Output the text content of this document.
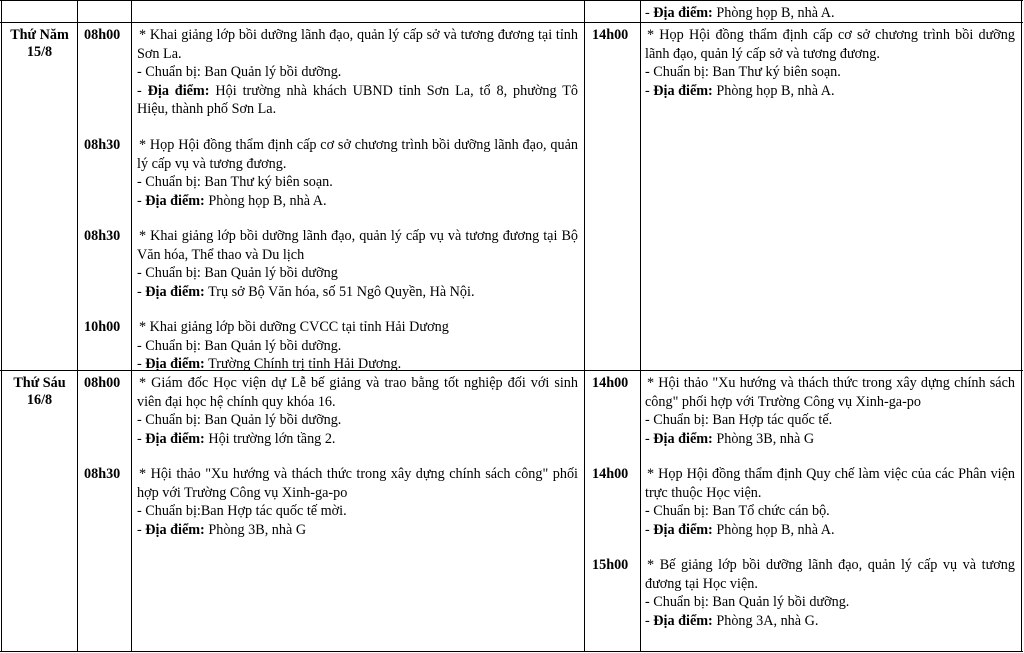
- Địa điểm: Phòng họp B, nhà A.

Thứ Năm
15/8
08h00 * Khai giảng lớp bồi dưỡng lãnh đạo, quản lý cấp sở và tương đương tại tỉnh Sơn La.

- Chuẩn bị: Ban Quản lý bồi dưỡng.

- Địa điểm: Hội trường nhà khách UBND tỉnh Sơn La, tổ 8, phường Tô Hiệu, thành phố Sơn La.

08h30 * Họp Hội đồng thẩm định cấp cơ sở chương trình bồi dưỡng lãnh đạo, quản lý cấp vụ và tương đương.

- Chuẩn bị: Ban Thư ký biên soạn.

- Địa điểm: Phòng họp B, nhà A.

08h30 * Khai giảng lớp bồi dưỡng lãnh đạo, quản lý cấp vụ và tương đương tại Bộ Văn hóa, Thể thao và Du lịch

- Chuẩn bị: Ban Quản lý bồi dưỡng

- Địa điểm: Trụ sở Bộ Văn hóa, số 51 Ngô Quyền, Hà Nội.

10h00 * Khai giảng lớp bồi dưỡng CVCC tại tỉnh Hải Dương

- Chuẩn bị: Ban Quản lý bồi dưỡng.

- Địa điểm: Trường Chính trị tỉnh Hải Dương.

14h00 * Họp Hội đồng thẩm định cấp cơ sở chương trình bồi dưỡng lãnh đạo, quản lý cấp sở và tương đương.

- Chuẩn bị: Ban Thư ký biên soạn.

- Địa điểm: Phòng họp B, nhà A.

Thứ Sáu
16/8
08h00 * Giám đốc Học viện dự Lễ bế giảng và trao bằng tốt nghiệp đối với sinh viên đại học hệ chính quy khóa 16.

- Chuẩn bị: Ban Quản lý bồi dưỡng.

- Địa điểm: Hội trường lớn tầng 2.

08h30 * Hội thảo "Xu hướng và thách thức trong xây dựng chính sách công" phối hợp với Trường Công vụ Xinh-ga-po

- Chuẩn bị:Ban Hợp tác quốc tế mời.

- Địa điểm: Phòng 3B, nhà G

14h00 * Hội thảo "Xu hướng và thách thức trong xây dựng chính sách công" phối hợp với Trường Công vụ Xinh-ga-po

- Chuẩn bị: Ban Hợp tác quốc tế.

- Địa điểm: Phòng 3B, nhà G

14h00 * Họp Hội đồng thẩm định Quy chế làm việc của các Phân viện trực thuộc Học viện.

- Chuẩn bị: Ban Tổ chức cán bộ.

- Địa điểm: Phòng họp B, nhà A.

15h00 * Bế giảng lớp bồi dưỡng lãnh đạo, quản lý cấp vụ và tương đương tại Học viện.

- Chuẩn bị: Ban Quản lý bồi dưỡng.

- Địa điểm: Phòng 3A, nhà G.
